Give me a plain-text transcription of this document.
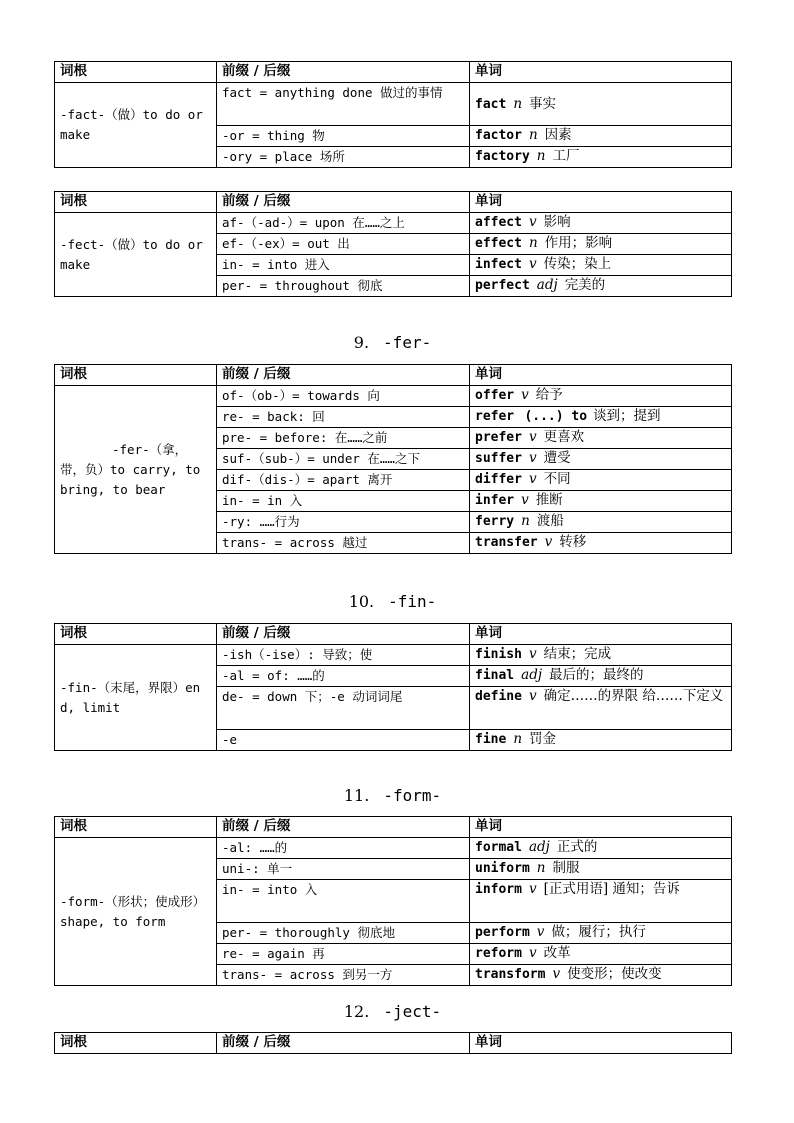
词根	前缀 / 后缀	单词
-fact-（做）to do or make	fact = anything done 做过的事情	fact n 事实
	-or = thing 物	factor n 因素
	-ory = place 场所	factory n 工厂
词根	前缀 / 后缀	单词
-fect-（做）to do or make	af-（-ad-）= upon 在……之上	affect v 影响
	ef-（-ex）= out 出	effect n 作用；影响
	in- = into 进入	infect v 传染；染上
	per- = throughout 彻底	perfect adj 完美的
9. -fer-
词根	前缀 / 后缀	单词
-fer-（拿，带，负）to carry, to bring, to bear	of-（ob-）= towards 向	offer v 给予
	re- = back: 回	refer (...) to 谈到；提到
	pre- = before: 在……之前	prefer v 更喜欢
	suf-（sub-）= under 在……之下	suffer v 遭受
	dif-（dis-）= apart 离开	differ v 不同
	in- = in 入	infer v 推断
	-ry: ……行为	ferry n 渡船
	trans- = across 越过	transfer v 转移
10. -fin-
词根	前缀 / 后缀	单词
-fin-（末尾，界限）end, limit	-ish（-ise）: 导致；使	finish v 结束；完成
	-al = of: ……的	final adj 最后的；最终的
	de- = down 下；-e 动词词尾	define v 确定……的界限 给……下定义
	-e	fine n 罚金
11. -form-
词根	前缀 / 后缀	单词
-form-（形状；使成形）shape, to form	-al: ……的	formal adj 正式的
	uni-: 单一	uniform n 制服
	in- = into 入	inform v [正式用语] 通知；告诉
	per- = thoroughly 彻底地	perform v 做；履行；执行
	re- = again 再	reform v 改革
	trans- = across 到另一方	transform v 使变形；使改变
12. -ject-
词根	前缀 / 后缀	单词
